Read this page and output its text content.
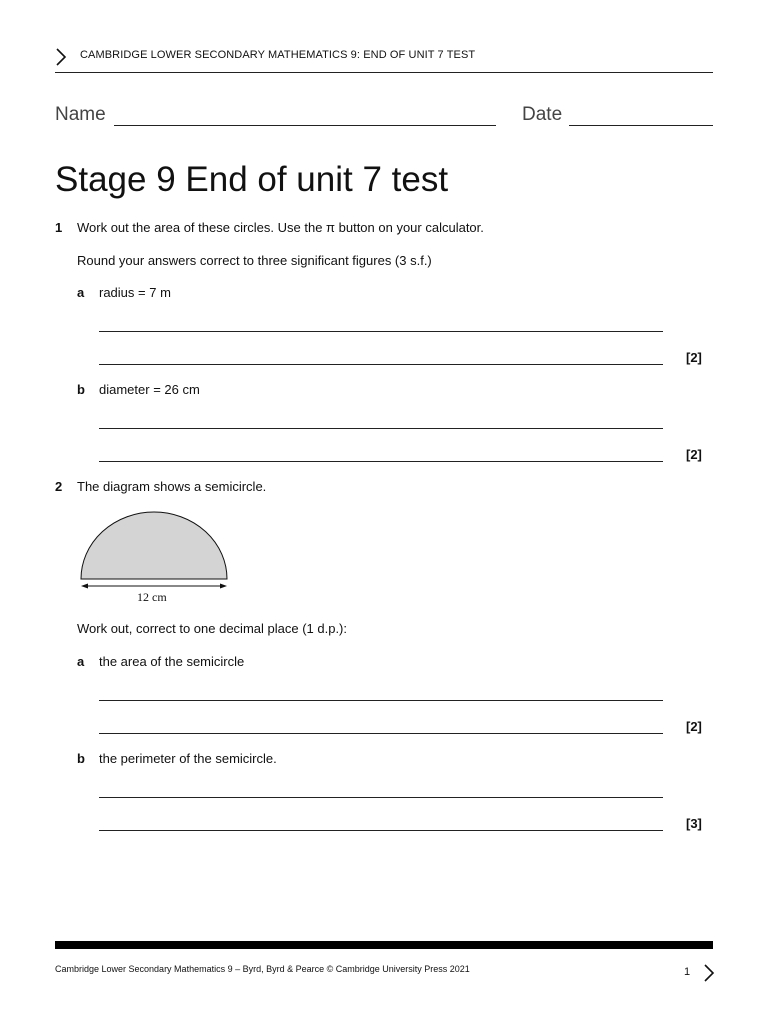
CAMBRIDGE LOWER SECONDARY MATHEMATICS 9: END OF UNIT 7 TEST
Name	Date
Stage 9 End of unit 7 test
1 Work out the area of these circles. Use the π button on your calculator.
Round your answers correct to three significant figures (3 s.f.)
a radius = 7 m
[2]
b diameter = 26 cm
[2]
2 The diagram shows a semicircle.
12 cm
Work out, correct to one decimal place (1 d.p.):
a the area of the semicircle
[2]
b the perimeter of the semicircle.
[3]
Cambridge Lower Secondary Mathematics 9 – Byrd, Byrd & Pearce © Cambridge University Press 2021	1
